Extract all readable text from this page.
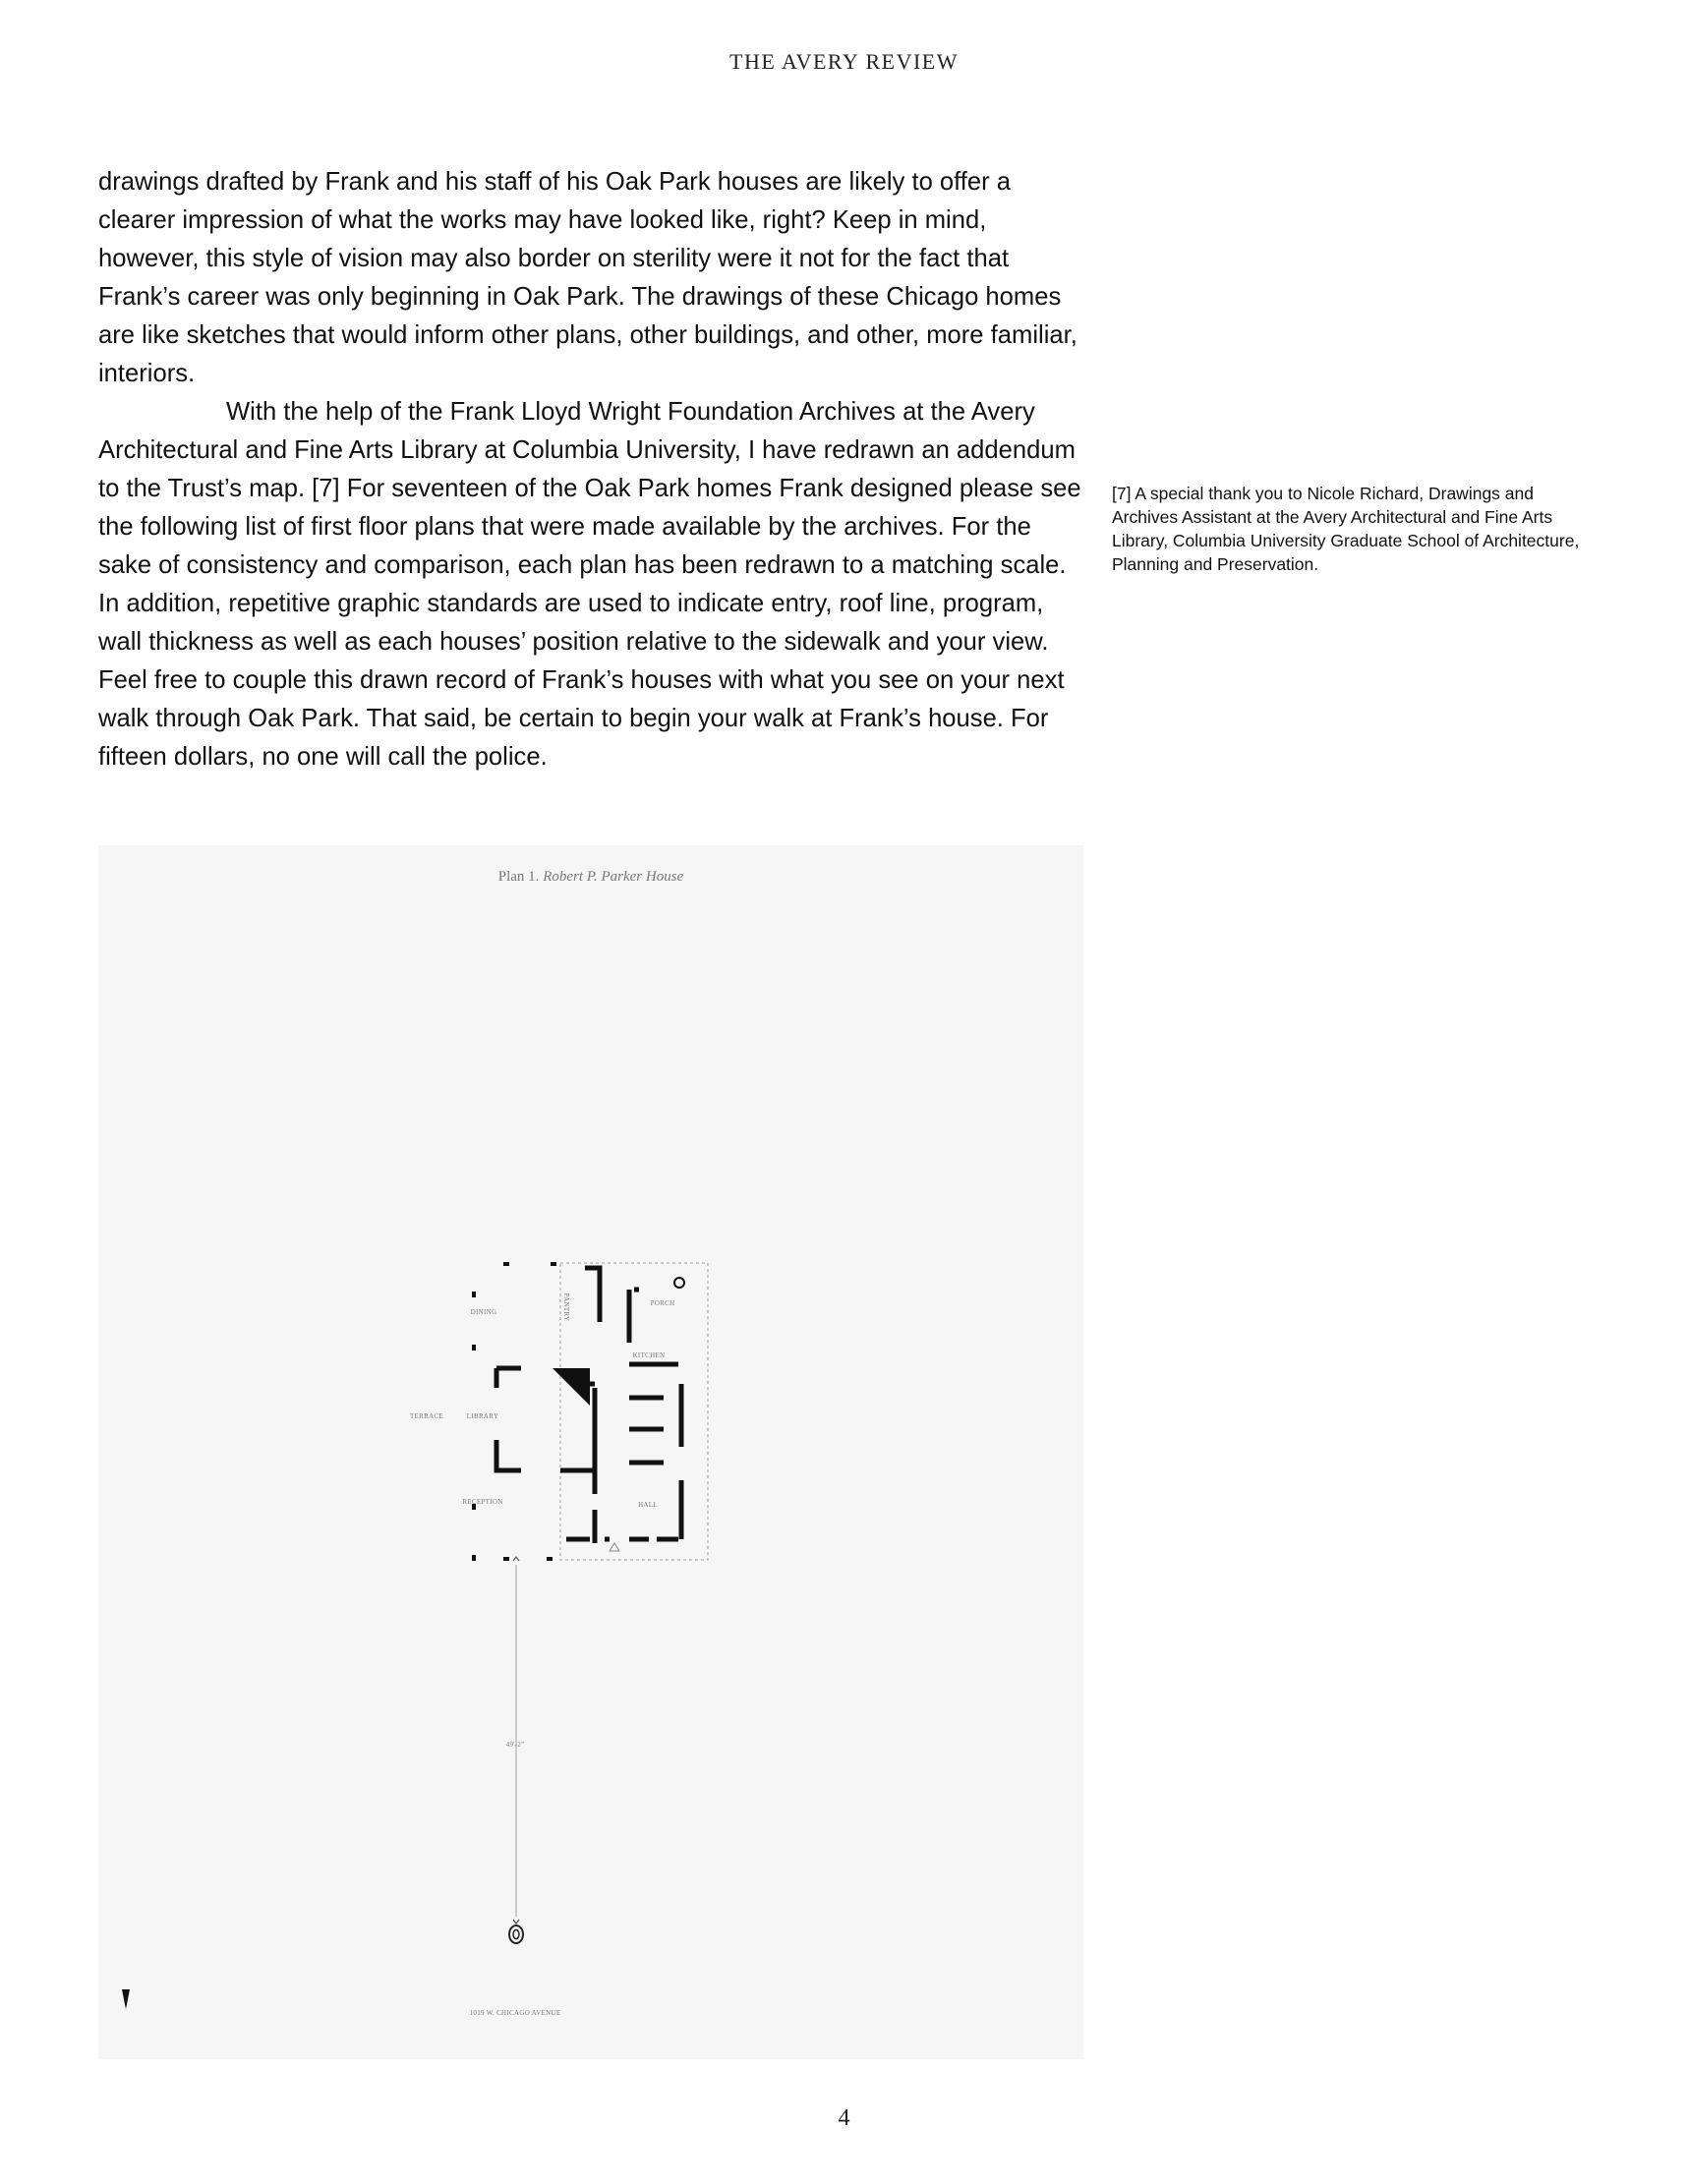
THE AVERY REVIEW

drawings drafted by Frank and his staff of his Oak Park houses are likely to offer a clearer impression of what the works may have looked like, right? Keep in mind, however, this style of vision may also border on sterility were it not for the fact that Frank’s career was only beginning in Oak Park. The drawings of these Chicago homes are like sketches that would inform other plans, other buildings, and other, more familiar, interiors.

With the help of the Frank Lloyd Wright Foundation Archives at the Avery Architectural and Fine Arts Library at Columbia University, I have redrawn an addendum to the Trust’s map. [7] For seventeen of the Oak Park homes Frank designed please see the following list of first floor plans that were made available by the archives. For the sake of consistency and comparison, each plan has been redrawn to a matching scale. In addition, repetitive graphic standards are used to indicate entry, roof line, program, wall thickness as well as each houses’ position relative to the sidewalk and your view. Feel free to couple this drawn record of Frank’s houses with what you see on your next walk through Oak Park. That said, be certain to begin your walk at Frank’s house. For fifteen dollars, no one will call the police.

[7] A special thank you to Nicole Richard, Drawings and Archives Assistant at the Avery Architectural and Fine Arts Library, Columbia University Graduate School of Architecture, Planning and Preservation.
Plan 1. Robert P. Parker House
DINING	PANTRY	PORCH
KITCHEN
TERRACE	LIBRARY
RECEPTION	HALL
49'-2"
1019 W. CHICAGO AVENUE
4
